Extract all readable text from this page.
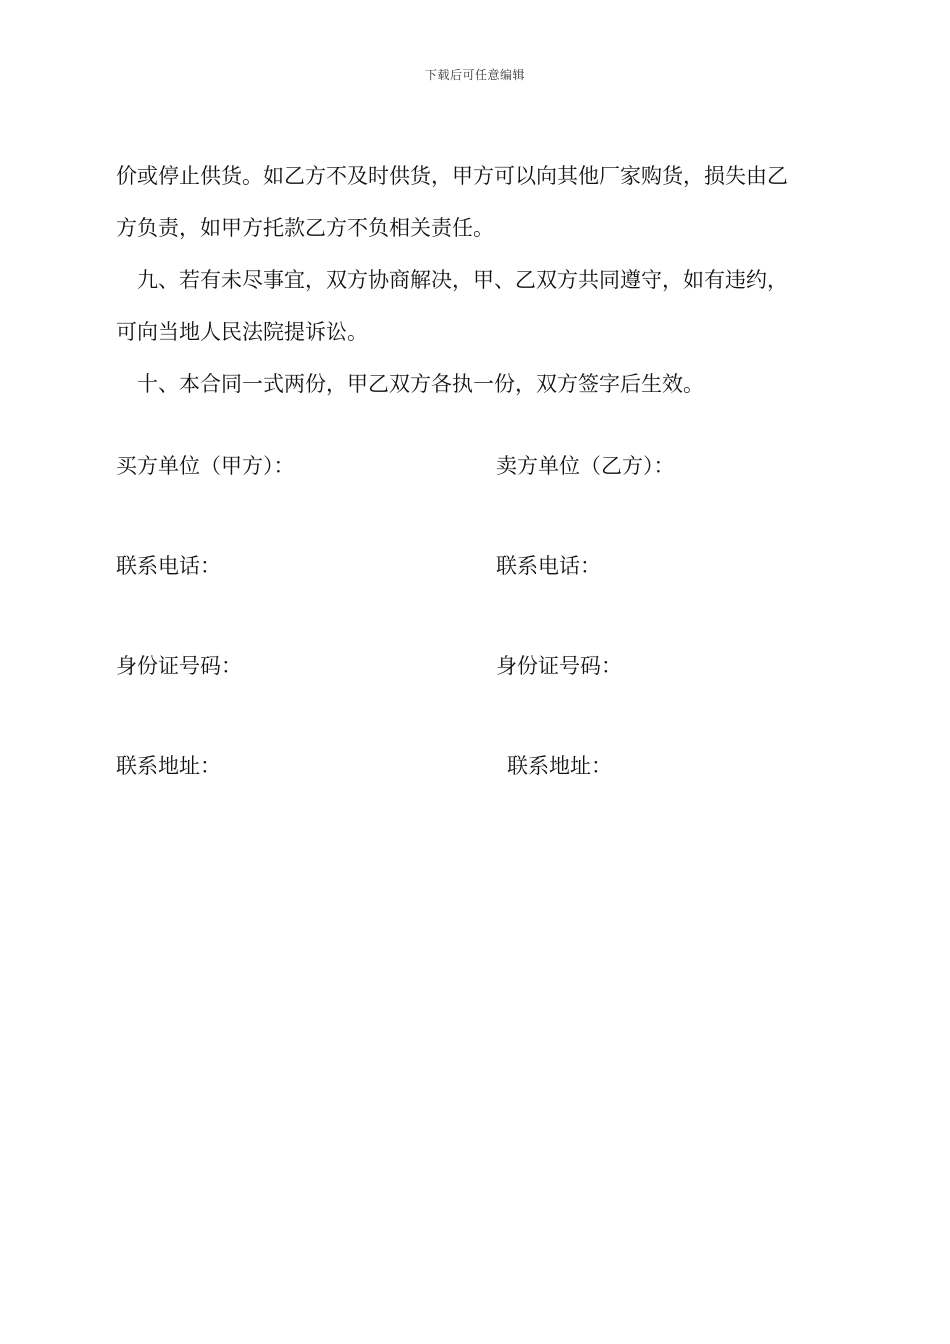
下载后可任意编辑
价或停止供货。如乙方不及时供货，甲方可以向其他厂家购货，损失由乙
方负责，如甲方托款乙方不负相关责任。
九、若有未尽事宜，双方协商解决，甲、乙双方共同遵守，如有违约，
可向当地人民法院提诉讼。
十、本合同一式两份，甲乙双方各执一份，双方签字后生效。
买方单位（甲方）：	卖方单位（乙方）：
联系电话：	联系电话：
身份证号码：	身份证号码：
联系地址：	联系地址：
